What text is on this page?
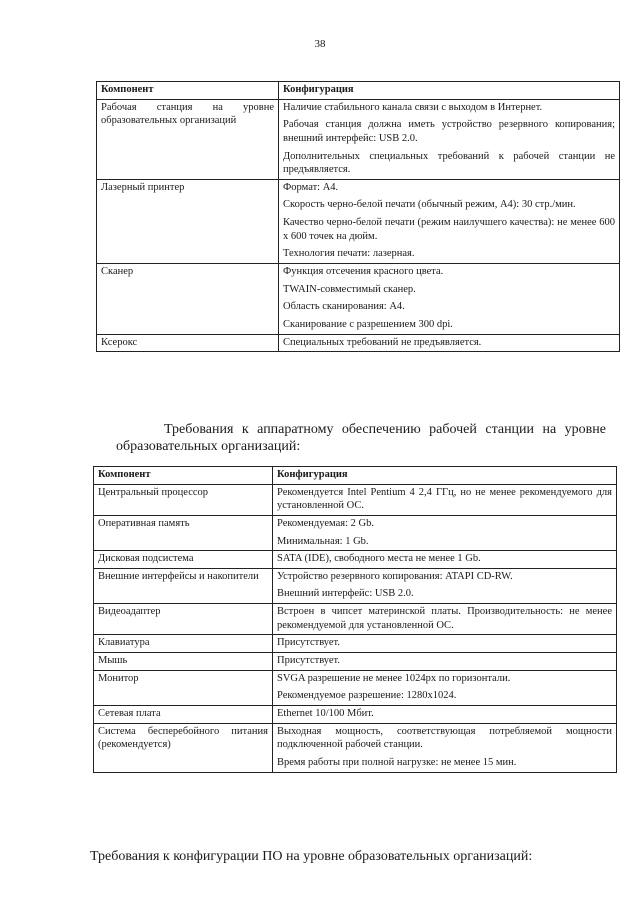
38
Компонент	Конфигурация
Рабочая станция на уровне образовательных организаций	Наличие стабильного канала связи с выходом в Интернет.
Рабочая станция должна иметь устройство резервного копирования; внешний интерфейс: USB 2.0.
Дополнительных специальных требований к рабочей станции не предъявляется.

Лазерный принтер	Формат: А4.
Скорость черно-белой печати (обычный режим, А4): 30 стр./мин.
Качество черно-белой печати (режим наилучшего качества): не менее 600 х 600 точек на дюйм.
Технология печати: лазерная.

Сканер	Функция отсечения красного цвета.
TWAIN-совместимый сканер.
Область сканирования: А4.
Сканирование с разрешением 300 dpi.

Ксерокс	Специальных требований не предъявляется.
Требования к аппаратному обеспечению рабочей станции на уровне образовательных организаций:
Компонент	Конфигурация
Центральный процессор	Рекомендуется Intel Pentium 4 2,4 ГГц, но не менее рекомендуемого для установленной ОС.

Оперативная память	Рекомендуемая: 2 Gb.
Минимальная: 1 Gb.

Дисковая подсистема	SATA (IDE), свободного места не менее 1 Gb.

Внешние интерфейсы и накопители	Устройство резервного копирования: ATAPI CD-RW.
Внешний интерфейс: USB 2.0.

Видеоадаптер	Встроен в чипсет материнской платы. Производительность: не менее рекомендуемой для установленной ОС.

Клавиатура	Присутствует.

Мышь	Присутствует.

Монитор	SVGA разрешение не менее 1024px по горизонтали.
Рекомендуемое разрешение: 1280x1024.

Сетевая плата	Ethernet 10/100 Мбит.

Система бесперебойного питания (рекомендуется)	Выходная мощность, соответствующая потребляемой мощности подключенной рабочей станции.
Время работы при полной нагрузке: не менее 15 мин.
Требования к конфигурации ПО на уровне образовательных организаций:
